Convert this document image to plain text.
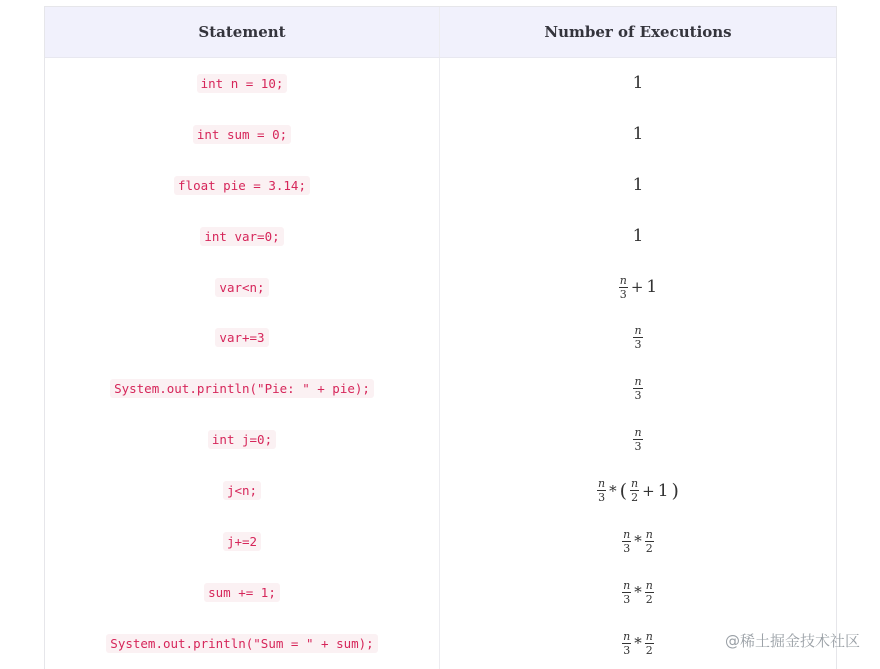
Statement	Number of Executions
int n = 10;	1
int sum = 0;	1
float pie = 3.14;	1
int var=0;	1
var<n;	$\frac{n}{3} + 1$
var+=3	$\frac{n}{3}$
System.out.println("Pie: " + pie);	$\frac{n}{3}$
int j=0;	$\frac{n}{3}$
j<n;	$\frac{n}{3}$ * ( $\frac{n}{2} + 1$ )
j+=2	$\frac{n}{3} * \frac{n}{2}$
sum += 1;	$\frac{n}{3} * \frac{n}{2}$
System.out.println("Sum = " + sum);	$\frac{n}{3} * \frac{n}{2}$	@稀土掘金技术社区
